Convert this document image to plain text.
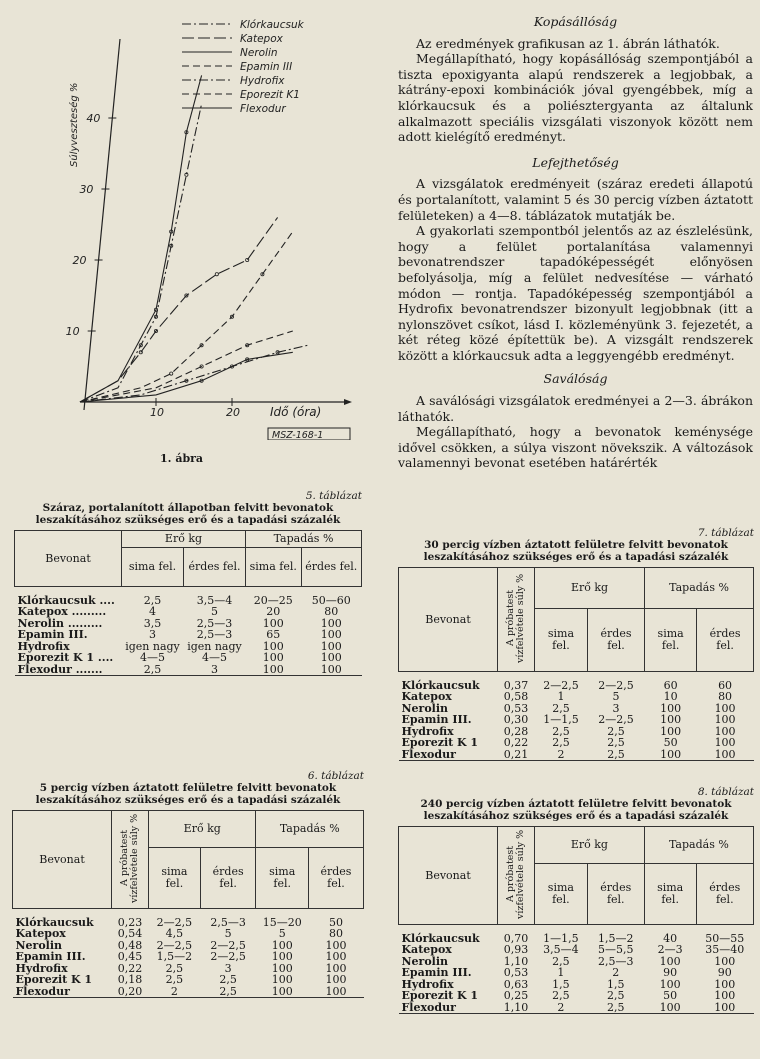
10
20
30
40
10	20	Idő (óra)
Súlyveszteség %
Klórkaucsuk
Katepox
Nerolin
Epamin III
Hydrofix
Eporezit K1
Flexodur
MSZ-168-1
1. ábra
Kopásállóság

Az eredmények grafikusan az 1. ábrán láthatók.

Megállapítható, hogy kopásállóság szempontjából a tiszta epoxigyanta alapú rendszerek a legjobbak, a kátrány-epoxi kombinációk jóval gyengébbek, míg a klórkaucsuk és a poliésztergyanta az általunk alkalmazott speciális vizsgálati viszonyok között nem adott kielégítő eredményt.

Lefejthetőség

A vizsgálatok eredményeit (száraz eredeti állapotú és portalanított, valamint 5 és 30 percig vízben áztatott felületeken) a 4—8. táblázatok mutatják be.

A gyakorlati szempontból jelentős az az észlelésünk, hogy a felület portalanítása valamennyi bevonatrendszer tapadóképességét előnyösen befolyásolja, míg a felület nedvesítése — várható módon — rontja. Tapadóképesség szempontjából a Hydrofix bevonatrendszer bizonyult legjobbnak (itt a nylonszövet csíkot, lásd I. közleményünk 3. fejezetét, a két réteg közé építettük be). A vizsgált rendszerek között a klórkaucsuk adta a leggyengébb eredményt.

Saválóság

A saválósági vizsgálatok eredményei a 2—3. ábrákon láthatók.

Megállapítható, hogy a bevonatok keménysége idővel csökken, a súlya viszont növekszik. A változások valamennyi bevonat esetében határérték

5. táblázat
Száraz, portalanított állapotban felvitt bevonatok leszakításához szükséges erő és a tapadási százalék
Bevonat	Erő kg		Tapadás %	
	sima fel.	érdes fel.	sima fel.	érdes fel.
Klórkaucsuk ....	2,5	3,5—4	20—25	50—60
Katepox .........	4	5	20	80
Nerolin .........	3,5	2,5—3	100	100
Epamin III.	3	2,5—3	65	100
Hydrofix	igen nagy	igen nagy	100	100
Eporezit K 1 ....	4—5	4—5	100	100
Flexodur .......	2,5	3	100	100
6. táblázat
5 percig vízben áztatott felületre felvitt bevonatok leszakításához szükséges erő és a tapadási százalék
Bevonat	A próbatest vízfelvétele súly %	Erő kg		Tapadás %	
		sima fel.	érdes fel.	sima fel.	érdes fel.
Klórkaucsuk	0,23	2—2,5	2,5—3	15—20	50
Katepox	0,54	4,5	5	5	80
Nerolin	0,48	2—2,5	2—2,5	100	100
Epamin III.	0,45	1,5—2	2—2,5	100	100
Hydrofix	0,22	2,5	3	100	100
Eporezit K 1	0,18	2,5	2,5	100	100
Flexodur	0,20	2	2,5	100	100
7. táblázat
30 percig vízben áztatott felületre felvitt bevonatok leszakításához szükséges erő és a tapadási százalék
Bevonat	A próbatest vízfelvétele súly %	Erő kg		Tapadás %	
		sima fel.	érdes fel.	sima fel.	érdes fel.
Klórkaucsuk	0,37	2—2,5	2—2,5	60	60
Katepox	0,58	1	5	10	80
Nerolin	0,53	2,5	3	100	100
Epamin III.	0,30	1—1,5	2—2,5	100	100
Hydrofix	0,28	2,5	2,5	100	100
Eporezit K 1	0,22	2,5	2,5	50	100
Flexodur	0,21	2	2,5	100	100
8. táblázat
240 percig vízben áztatott felületre felvitt bevonatok leszakításához szükséges erő és a tapadási százalék
Bevonat	A próbatest vízfelvétele súly %	Erő kg		Tapadás %	
		sima fel.	érdes fel.	sima fel.	érdes fel.
Klórkaucsuk	0,70	1—1,5	1,5—2	40	50—55
Katepox	0,93	3,5—4	5—5,5	2—3	35—40
Nerolin	1,10	2,5	2,5—3	100	100
Epamin III.	0,53	1	2	90	90
Hydrofix	0,63	1,5	1,5	100	100
Eporezit K 1	0,25	2,5	2,5	50	100
Flexodur	1,10	2	2,5	100	100
